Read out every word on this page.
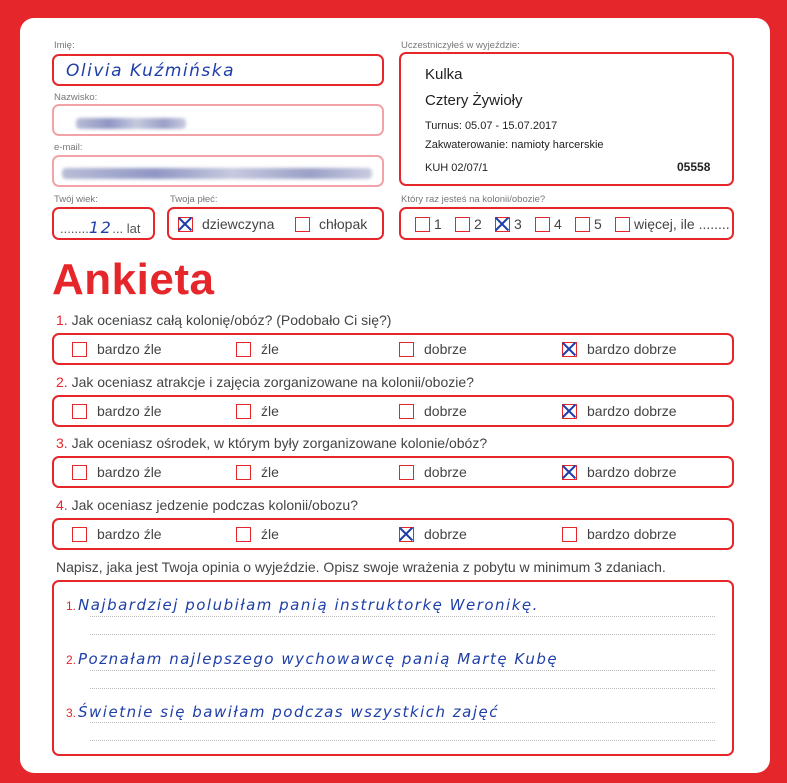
Imię:
Olivia Kuźmińska
Nazwisko:
e-mail:
Twój wiek:
........12... lat
Twoja płeć:
dziewczyna	chłopak
Uczestniczyłeś w wyjeździe:
Kulka
Cztery Żywioły
Turnus: 05.07 - 15.07.2017
Zakwaterowanie: namioty harcerskie
KUH 02/07/1	05558
Który raz jesteś na kolonii/obozie?
1 2 3 4 5 więcej, ile ........
Ankieta
1. Jak oceniasz całą kolonię/obóz? (Podobało Ci się?)
bardzo źle	źle	dobrze	bardzo dobrze
2. Jak oceniasz atrakcje i zajęcia zorganizowane na kolonii/obozie?
bardzo źle	źle	dobrze	bardzo dobrze
3. Jak oceniasz ośrodek, w którym były zorganizowane kolonie/obóz?
bardzo źle	źle	dobrze	bardzo dobrze
4. Jak oceniasz jedzenie podczas kolonii/obozu?
bardzo źle	źle	dobrze	bardzo dobrze
Napisz, jaka jest Twoja opinia o wyjeździe. Opisz swoje wrażenia z pobytu w minimum 3 zdaniach.
1. Najbardziej polubiłam panią instruktorkę Weronikę.
2. Poznałam najlepszego wychowawcę panią Martę Kubę
3. Świetnie się bawiłam podczas wszystkich zajęć
